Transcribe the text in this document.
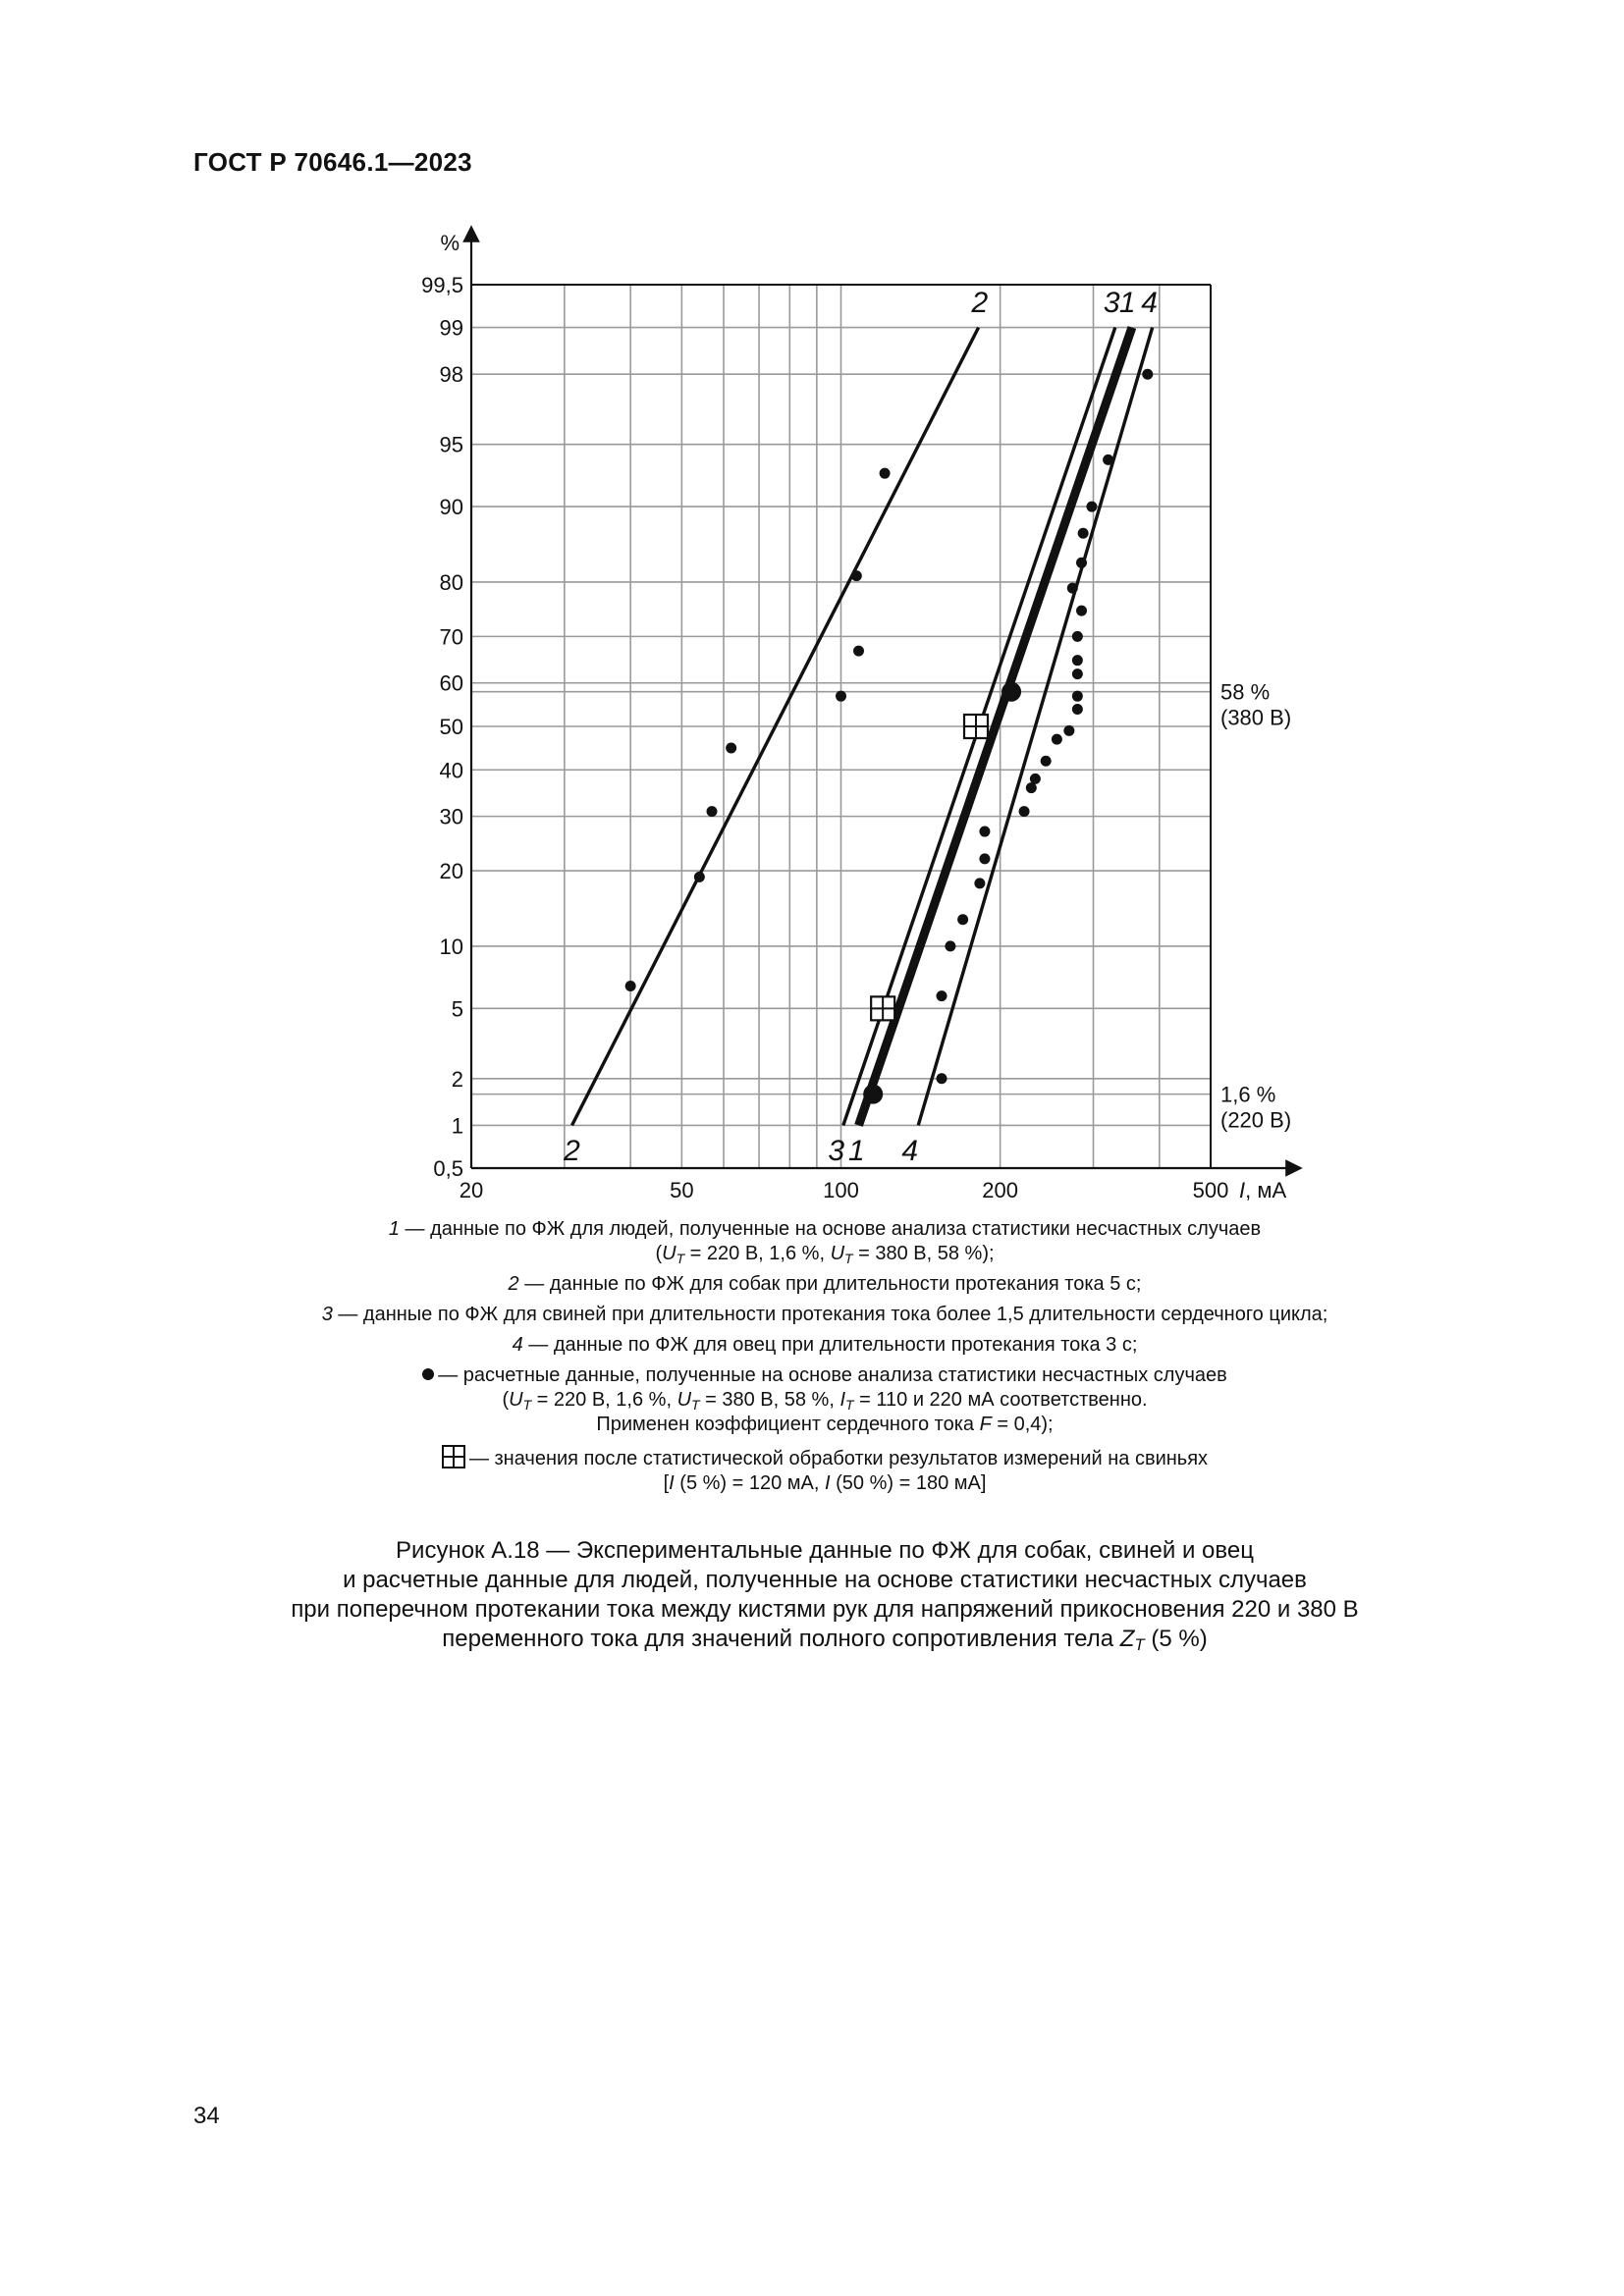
ГОСТ Р 70646.1—2023
20	50	100	200	500
0,5
1
2
5
10
20
30
40
50
60
70
80
90
95
98
99
99,5
%
I, мА
58 %
(380 В)
1,6 %
(220 В)
2
2
3
3
1
1
4
4

1 — данные по ФЖ для людей, полученные на основе анализа статистики несчастных случаев
($U_T = 220$ В, 1,6 %, $U_T = 380$ В, 58 %);

2 — данные по ФЖ для собак при длительности протекания тока 5 с;

3 — данные по ФЖ для свиней при длительности протекания тока более 1,5 длительности сердечного цикла;

4 — данные по ФЖ для овец при длительности протекания тока 3 с;

— расчетные данные, полученные на основе анализа статистики несчастных случаев
($U_T = 220$ В, 1,6 %, $U_T = 380$ В, 58 %, $I_T = 110$ и 220 мА соответственно.
Применен коэффициент сердечного тока F = 0,4);

— значения после статистической обработки результатов измерений на свиньях
[I (5 %) = 120 мА, I (50 %) = 180 мА]

Рисунок А.18 — Экспериментальные данные по ФЖ для собак, свиней и овец
и расчетные данные для людей, полученные на основе статистики несчастных случаев
при поперечном протекании тока между кистями рук для напряжений прикосновения 220 и 380 В
переменного тока для значений полного сопротивления тела $Z_T$ (5 %)
34
